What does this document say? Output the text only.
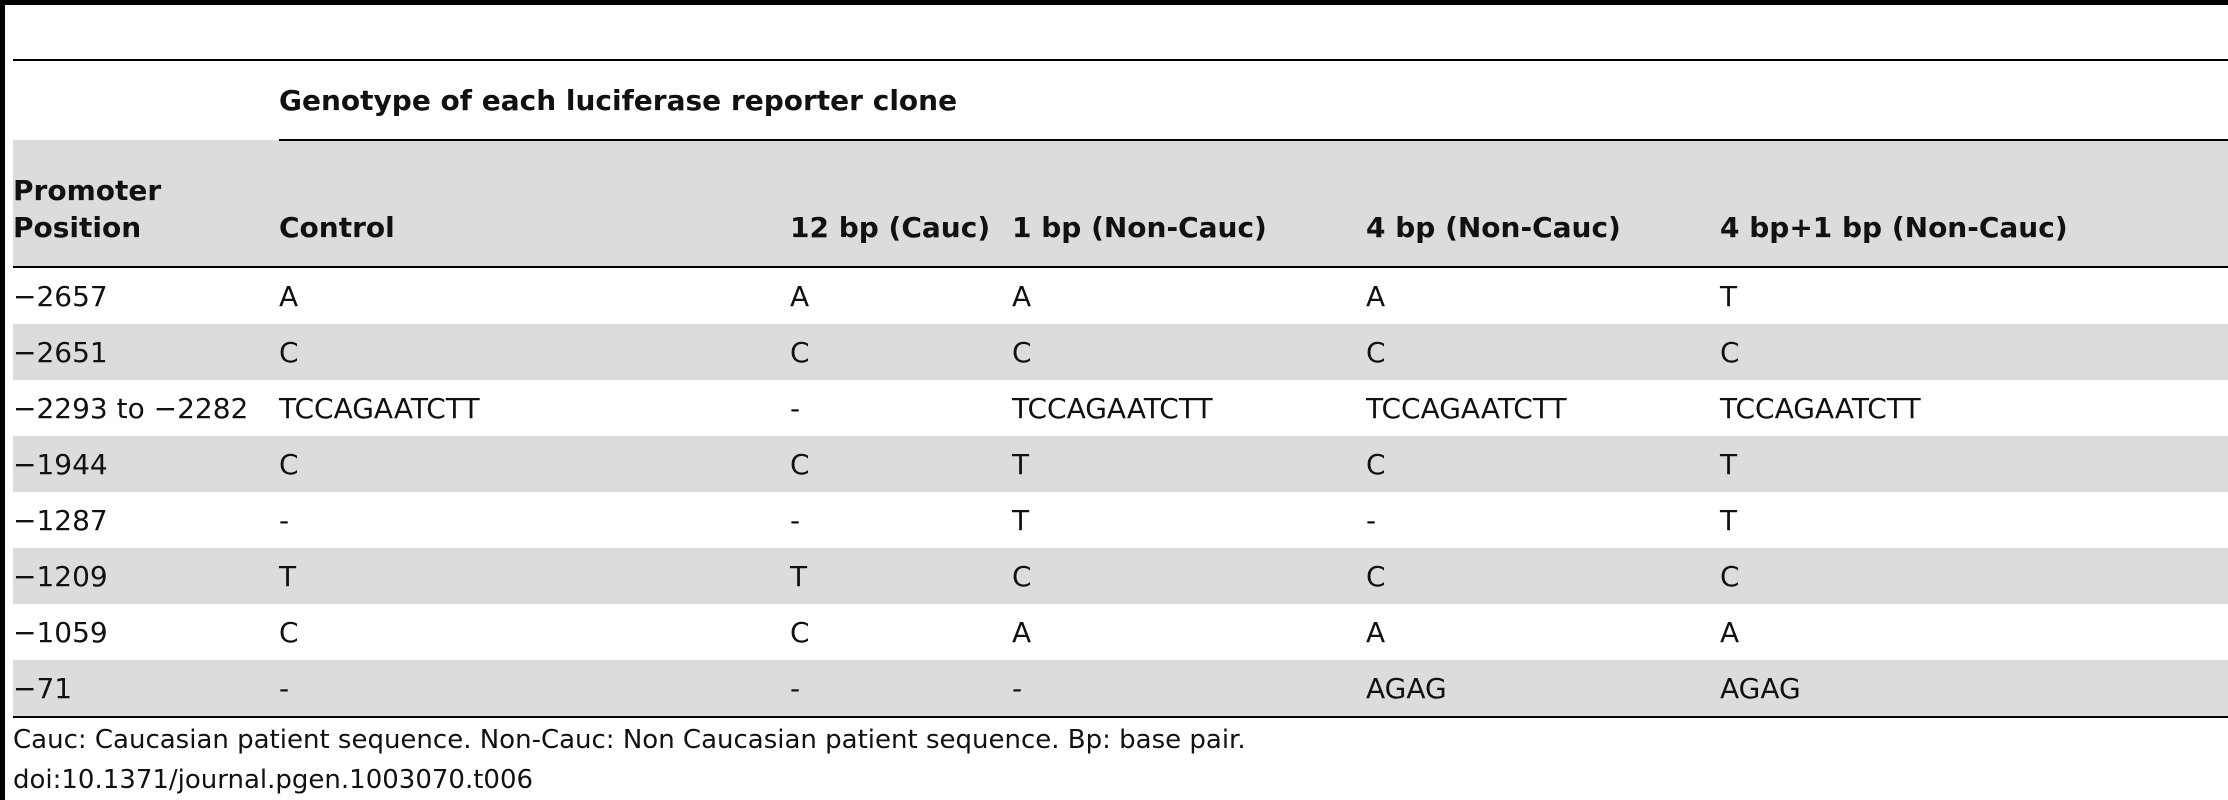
	Genotype of each luciferase reporter clone				
Promoter Position	Control	12 bp (Cauc)	1 bp (Non-Cauc)	4 bp (Non-Cauc)	4 bp+1 bp (Non-Cauc)
−2657	A	A	A	A	T
−2651	C	C	C	C	C
−2293 to −2282	TCCAGAATCTT	-	TCCAGAATCTT	TCCAGAATCTT	TCCAGAATCTT
−1944	C	C	T	C	T
−1287	-	-	T	-	T
−1209	T	T	C	C	C
−1059	C	C	A	A	A
−71	-	-	-	AGAG	AGAG
Cauc: Caucasian patient sequence. Non-Cauc: Non Caucasian patient sequence. Bp: base pair.
doi:10.1371/journal.pgen.1003070.t006
